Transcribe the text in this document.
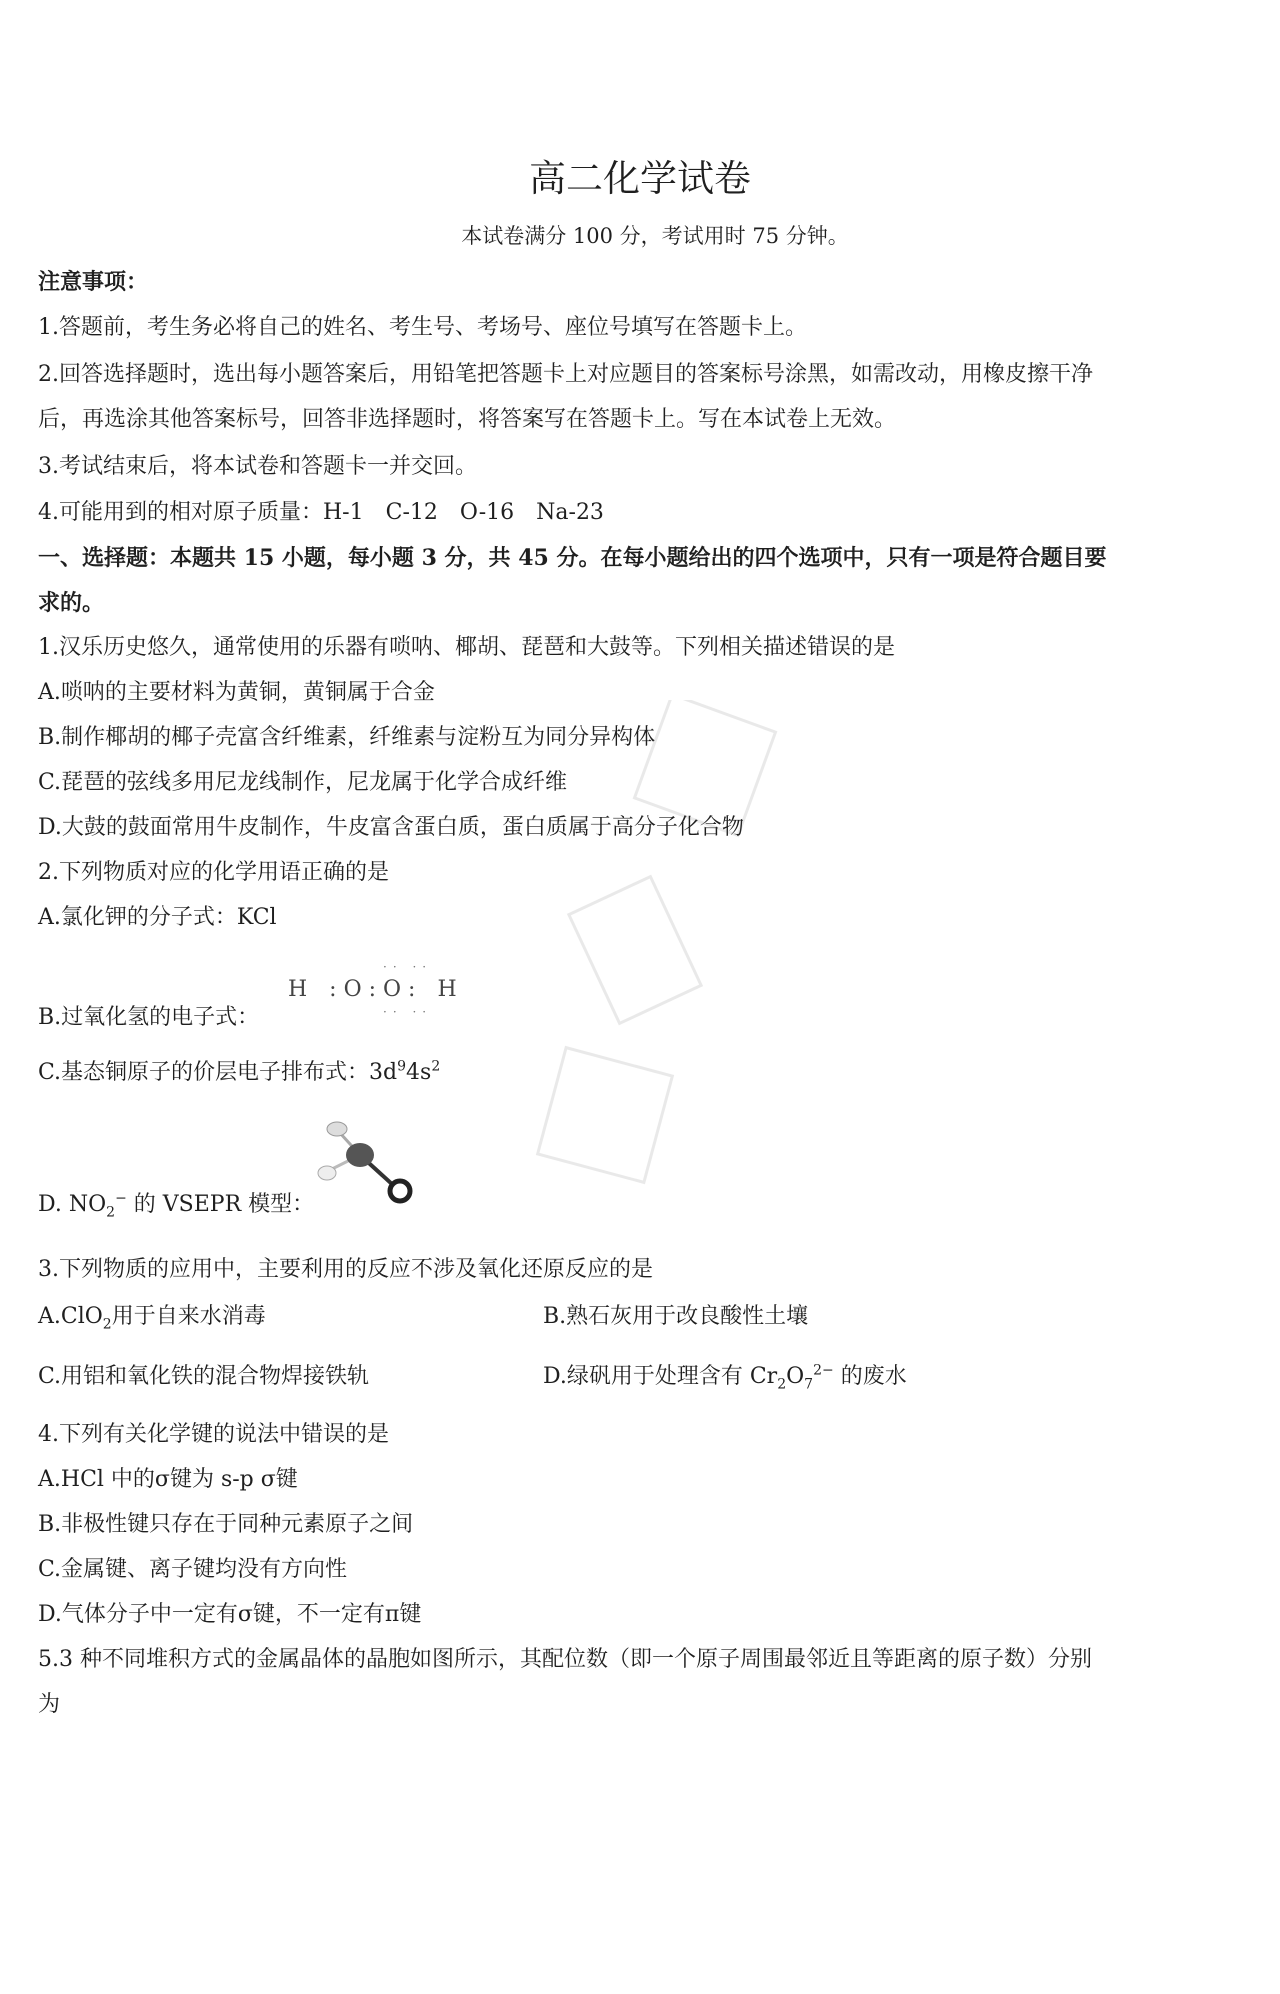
高二化学试卷
本试卷满分 100 分，考试用时 75 分钟。
注意事项：
1.答题前，考生务必将自己的姓名、考生号、考场号、座位号填写在答题卡上。
2.回答选择题时，选出每小题答案后，用铅笔把答题卡上对应题目的答案标号涂黑，如需改动，用橡皮擦干净
后，再选涂其他答案标号，回答非选择题时，将答案写在答题卡上。写在本试卷上无效。
3.考试结束后，将本试卷和答题卡一并交回。
4.可能用到的相对原子质量：H-1　C-12　O-16　Na-23
一、选择题：本题共 15 小题，每小题 3 分，共 45 分。在每小题给出的四个选项中，只有一项是符合题目要
求的。
1.汉乐历史悠久，通常使用的乐器有唢呐、椰胡、琵琶和大鼓等。下列相关描述错误的是
A.唢呐的主要材料为黄铜，黄铜属于合金
B.制作椰胡的椰子壳富含纤维素，纤维素与淀粉互为同分异构体
C.琵琶的弦线多用尼龙线制作，尼龙属于化学合成纤维
D.大鼓的鼓面常用牛皮制作，牛皮富含蛋白质，蛋白质属于高分子化合物
2.下列物质对应的化学用语正确的是
A.氯化钾的分子式：KCl
B.过氧化氢的电子式：
H　: O : O :　H
·· ··
·· ··
C.基态铜原子的价层电子排布式：$3d^94s^2$
D. $NO_2^-$ 的 VSEPR 模型：
3.下列物质的应用中，主要利用的反应不涉及氧化还原反应的是
A.ClO$_2$用于自来水消毒	B.熟石灰用于改良酸性土壤
C.用铝和氧化铁的混合物焊接铁轨	D.绿矾用于处理含有 $Cr_2O_7^{2-}$ 的废水
4.下列有关化学键的说法中错误的是
A.HCl 中的σ键为 s-p σ键
B.非极性键只存在于同种元素原子之间
C.金属键、离子键均没有方向性
D.气体分子中一定有σ键，不一定有π键
5.3 种不同堆积方式的金属晶体的晶胞如图所示，其配位数（即一个原子周围最邻近且等距离的原子数）分别
为
